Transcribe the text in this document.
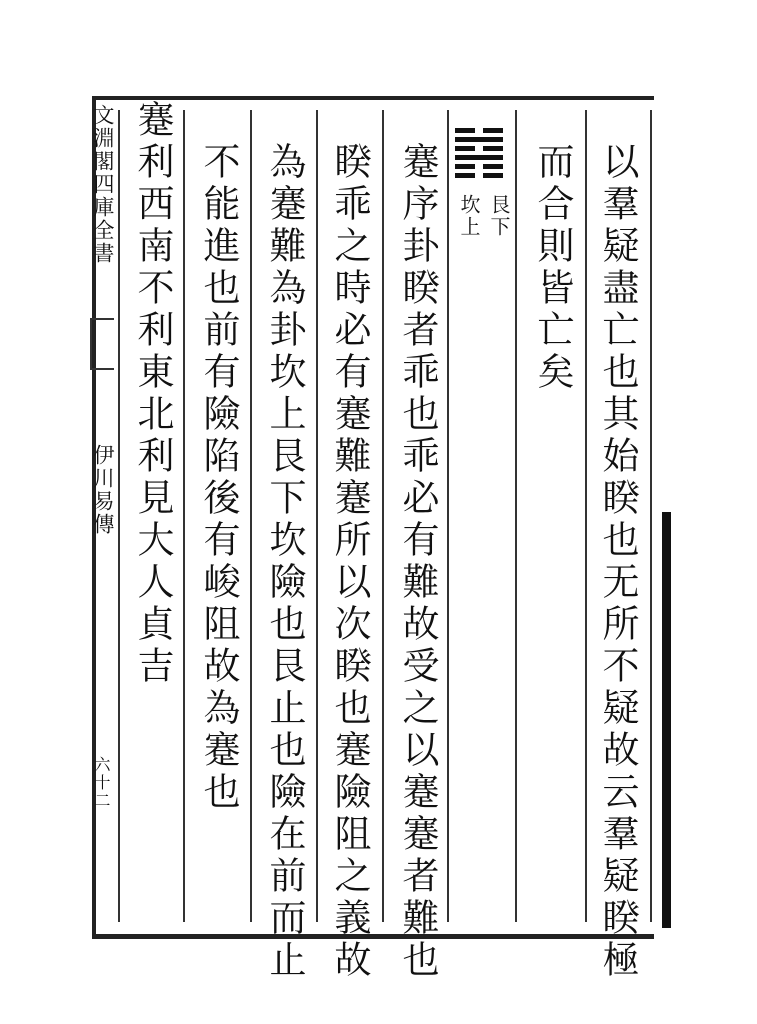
文淵閣四庫全書
伊川易傳
六十二	以羣疑盡亡也其始睽也无所不疑故云羣疑睽極
而合則皆亡矣
艮下
坎上
蹇序卦睽者乖也乖必有難故受之以蹇蹇者難也
睽乖之時必有蹇難蹇所以次睽也蹇險阻之義故
為蹇難為卦坎上艮下坎險也艮止也險在前而止
不能進也前有險陷後有峻阻故為蹇也
蹇利西南不利東北利見大人貞吉
